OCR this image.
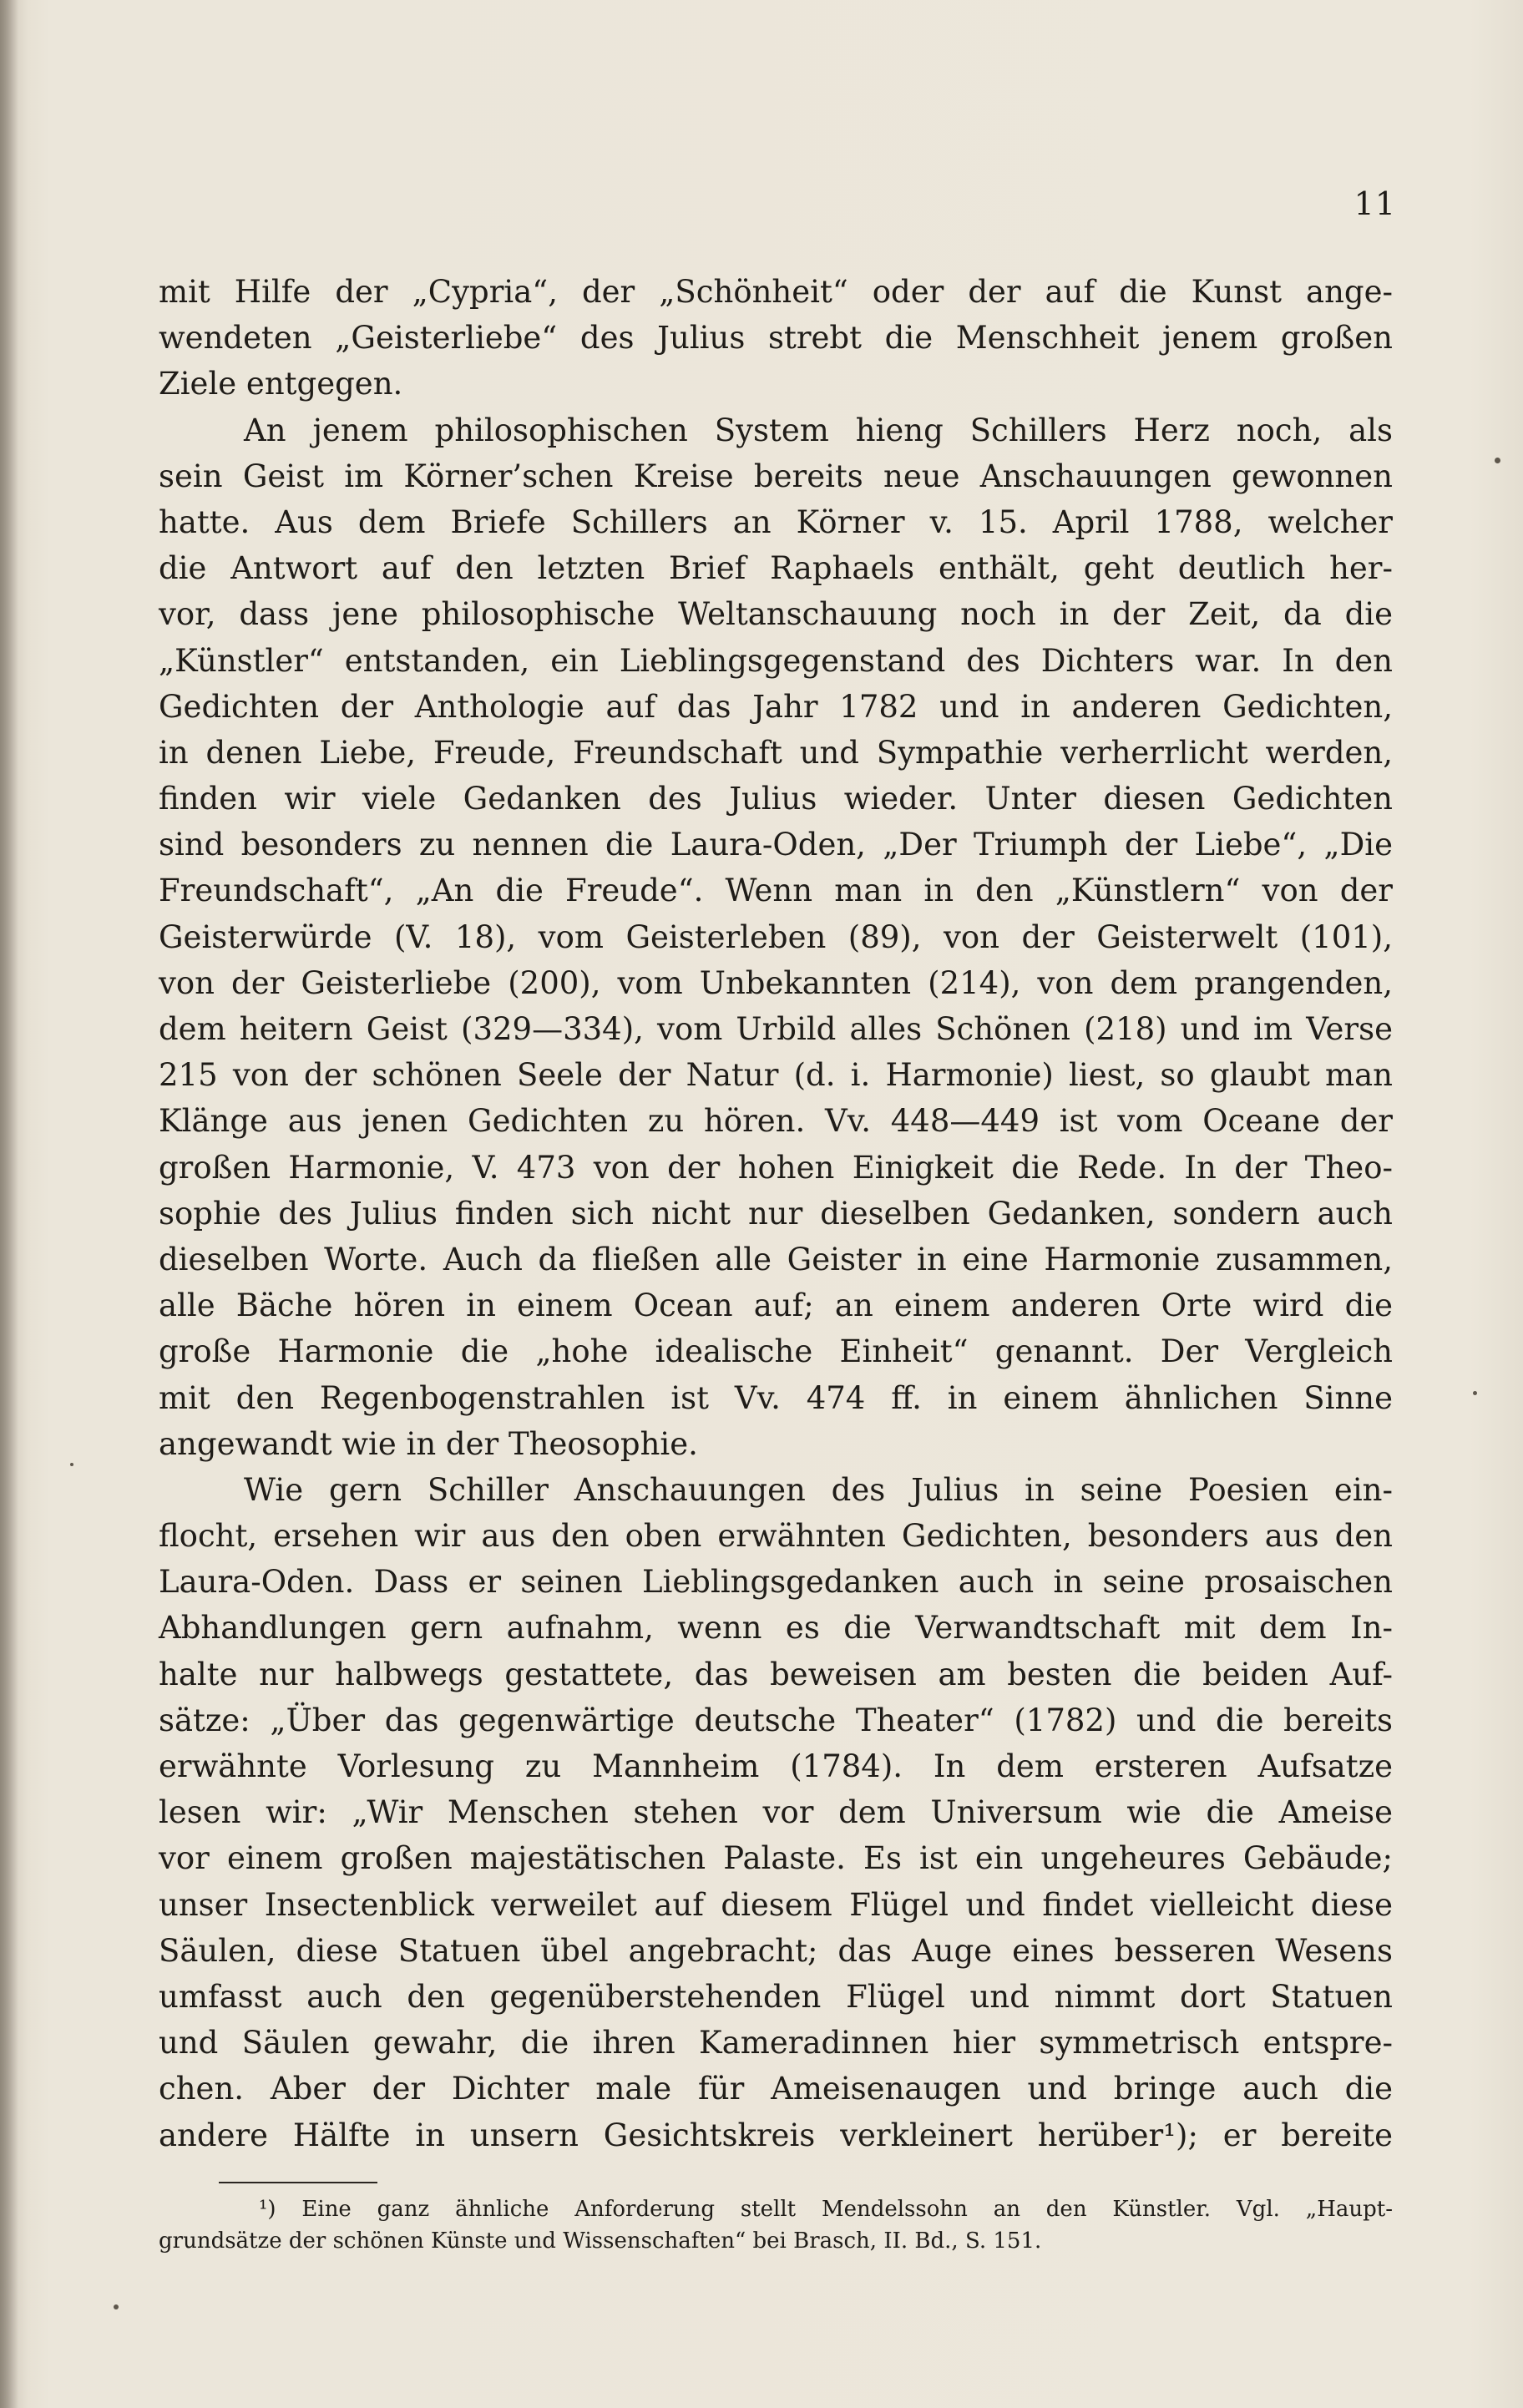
11
mit Hilfe der „Cypria“, der „Schönheit“ oder der auf die Kunst ange-
wendeten „Geisterliebe“ des Julius strebt die Menschheit jenem großen
Ziele entgegen.
An jenem philosophischen System hieng Schillers Herz noch, als
sein Geist im Körner’schen Kreise bereits neue Anschauungen gewonnen
hatte. Aus dem Briefe Schillers an Körner v. 15. April 1788, welcher
die Antwort auf den letzten Brief Raphaels enthält, geht deutlich her-
vor, dass jene philosophische Weltanschauung noch in der Zeit, da die
„Künstler“ entstanden, ein Lieblingsgegenstand des Dichters war. In den
Gedichten der Anthologie auf das Jahr 1782 und in anderen Gedichten,
in denen Liebe, Freude, Freundschaft und Sympathie verherrlicht werden,
finden wir viele Gedanken des Julius wieder. Unter diesen Gedichten
sind besonders zu nennen die Laura-Oden, „Der Triumph der Liebe“, „Die
Freundschaft“, „An die Freude“. Wenn man in den „Künstlern“ von der
Geisterwürde (V. 18), vom Geisterleben (89), von der Geisterwelt (101),
von der Geisterliebe (200), vom Unbekannten (214), von dem prangenden,
dem heitern Geist (329—334), vom Urbild alles Schönen (218) und im Verse
215 von der schönen Seele der Natur (d. i. Harmonie) liest, so glaubt man
Klänge aus jenen Gedichten zu hören. Vv. 448—449 ist vom Oceane der
großen Harmonie, V. 473 von der hohen Einigkeit die Rede. In der Theo-
sophie des Julius finden sich nicht nur dieselben Gedanken, sondern auch
dieselben Worte. Auch da fließen alle Geister in eine Harmonie zusammen,
alle Bäche hören in einem Ocean auf; an einem anderen Orte wird die
große Harmonie die „hohe idealische Einheit“ genannt. Der Vergleich
mit den Regenbogenstrahlen ist Vv. 474 ff. in einem ähnlichen Sinne
angewandt wie in der Theosophie.
Wie gern Schiller Anschauungen des Julius in seine Poesien ein-
flocht, ersehen wir aus den oben erwähnten Gedichten, besonders aus den
Laura-Oden. Dass er seinen Lieblingsgedanken auch in seine prosaischen
Abhandlungen gern aufnahm, wenn es die Verwandtschaft mit dem In-
halte nur halbwegs gestattete, das beweisen am besten die beiden Auf-
sätze: „Über das gegenwärtige deutsche Theater“ (1782) und die bereits
erwähnte Vorlesung zu Mannheim (1784). In dem ersteren Aufsatze
lesen wir: „Wir Menschen stehen vor dem Universum wie die Ameise
vor einem großen majestätischen Palaste. Es ist ein ungeheures Gebäude;
unser Insectenblick verweilet auf diesem Flügel und findet vielleicht diese
Säulen, diese Statuen übel angebracht; das Auge eines besseren Wesens
umfasst auch den gegenüberstehenden Flügel und nimmt dort Statuen
und Säulen gewahr, die ihren Kameradinnen hier symmetrisch entspre-
chen. Aber der Dichter male für Ameisenaugen und bringe auch die
andere Hälfte in unsern Gesichtskreis verkleinert herüber¹); er bereite
¹) Eine ganz ähnliche Anforderung stellt Mendelssohn an den Künstler. Vgl. „Haupt-
grundsätze der schönen Künste und Wissenschaften“ bei Brasch, II. Bd., S. 151.
